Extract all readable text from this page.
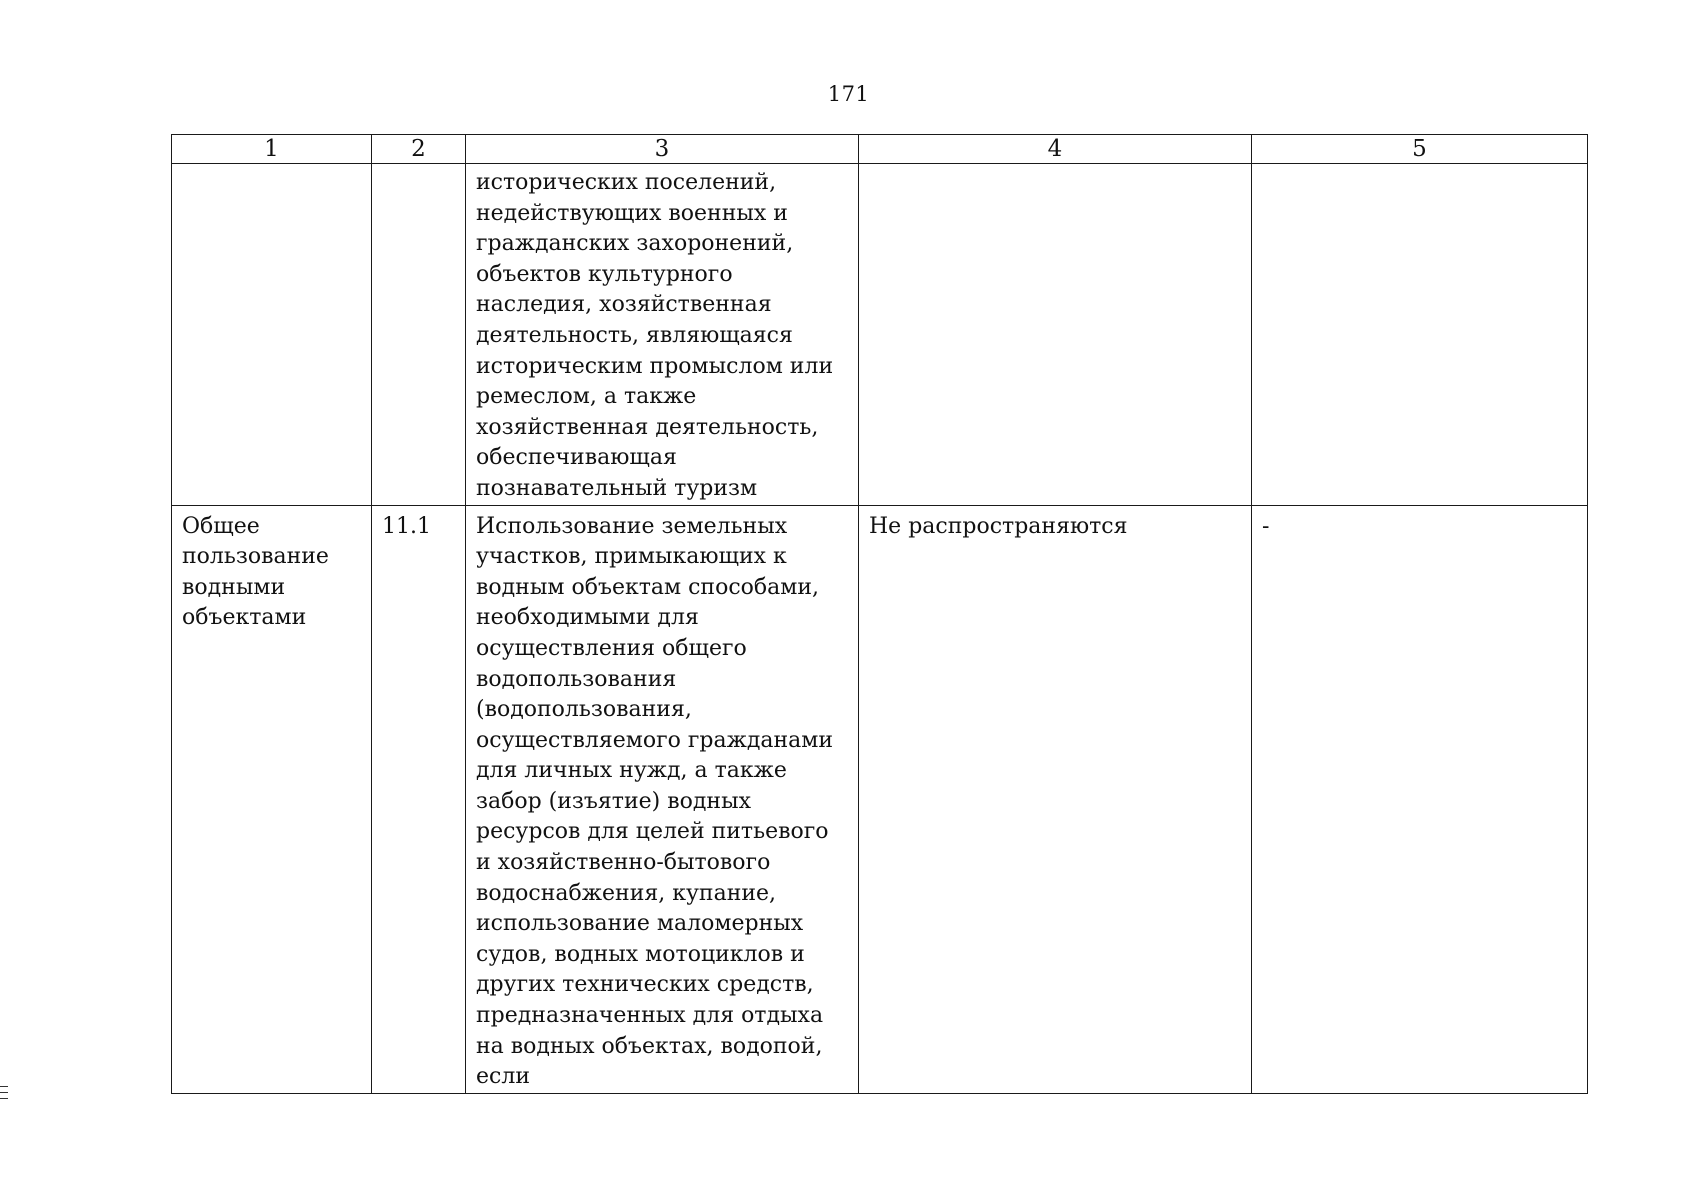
171
1	2	3	4	5
		исторических поселений, недействующих военных и гражданских захоронений, объектов культурного наследия, хозяйственная деятельность, являющаяся историческим промыслом или ремеслом, а также хозяйственная деятельность, обеспечивающая познавательный туризм		
Общее пользование водными объектами	11.1	Использование земельных участков, примыкающих к водным объектам способами, необходимыми для осуществления общего водопользования (водопользования, осуществляемого гражданами для личных нужд, а также забор (изъятие) водных ресурсов для целей питьевого и хозяйственно-бытового водоснабжения, купание, использование маломерных судов, водных мотоциклов и других технических средств, предназначенных для отдыха на водных объектах, водопой, если	Не распространяются	-
